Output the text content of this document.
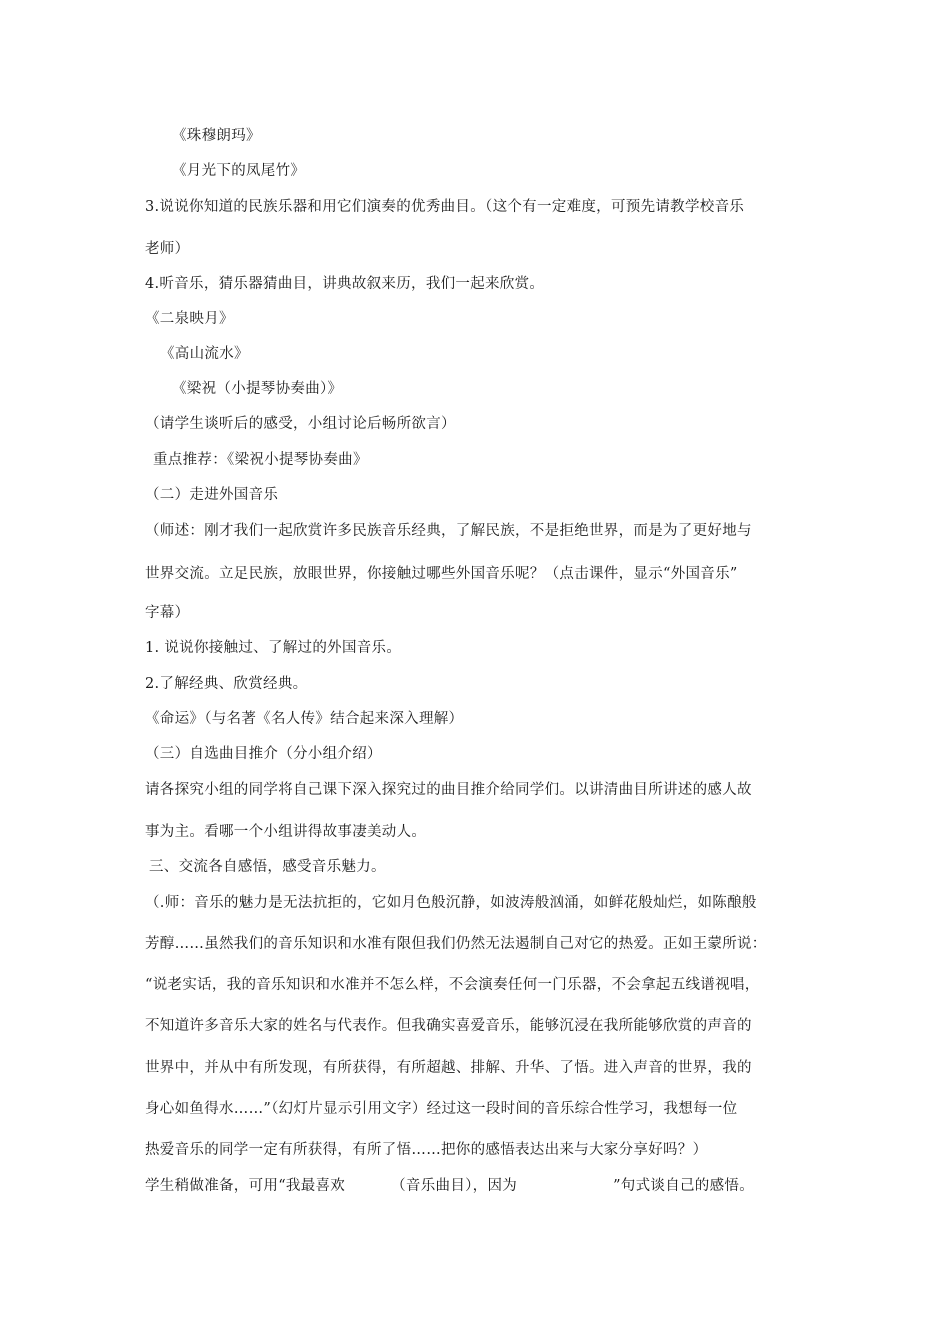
《珠穆朗玛》
《月光下的凤尾竹》
3.说说你知道的民族乐器和用它们演奏的优秀曲目。（这个有一定难度，可预先请教学校音乐
老师）
4.听音乐，猜乐器猜曲目，讲典故叙来历，我们一起来欣赏。
《二泉映月》
《高山流水》
《梁祝（小提琴协奏曲）》
（请学生谈听后的感受，小组讨论后畅所欲言）
重点推荐：《梁祝小提琴协奏曲》
（二）走进外国音乐
（师述：刚才我们一起欣赏许多民族音乐经典，了解民族，不是拒绝世界，而是为了更好地与
世界交流。立足民族，放眼世界，你接触过哪些外国音乐呢？（点击课件，显示“外国音乐”
字幕）
1. 说说你接触过、了解过的外国音乐。
2.了解经典、欣赏经典。
《命运》（与名著《名人传》结合起来深入理解）
（三）自选曲目推介（分小组介绍）
请各探究小组的同学将自己课下深入探究过的曲目推介给同学们。以讲清曲目所讲述的感人故
事为主。看哪一个小组讲得故事凄美动人。
三、交流各自感悟，感受音乐魅力。
（.师：音乐的魅力是无法抗拒的，它如月色般沉静，如波涛般汹涌，如鲜花般灿烂，如陈酿般
芳醇……虽然我们的音乐知识和水准有限但我们仍然无法遏制自己对它的热爱。正如王蒙所说：
“说老实话，我的音乐知识和水准并不怎么样，不会演奏任何一门乐器，不会拿起五线谱视唱，
不知道许多音乐大家的姓名与代表作。但我确实喜爱音乐，能够沉浸在我所能够欣赏的声音的
世界中，并从中有所发现，有所获得，有所超越、排解、升华、了悟。进入声音的世界，我的
身心如鱼得水……”（幻灯片显示引用文字）经过这一段时间的音乐综合性学习，我想每一位
热爱音乐的同学一定有所获得，有所了悟……把你的感悟表达出来与大家分享好吗？）
学生稍做准备，可用“我最喜欢	（音乐曲目），因为	”句式谈自己的感悟。
